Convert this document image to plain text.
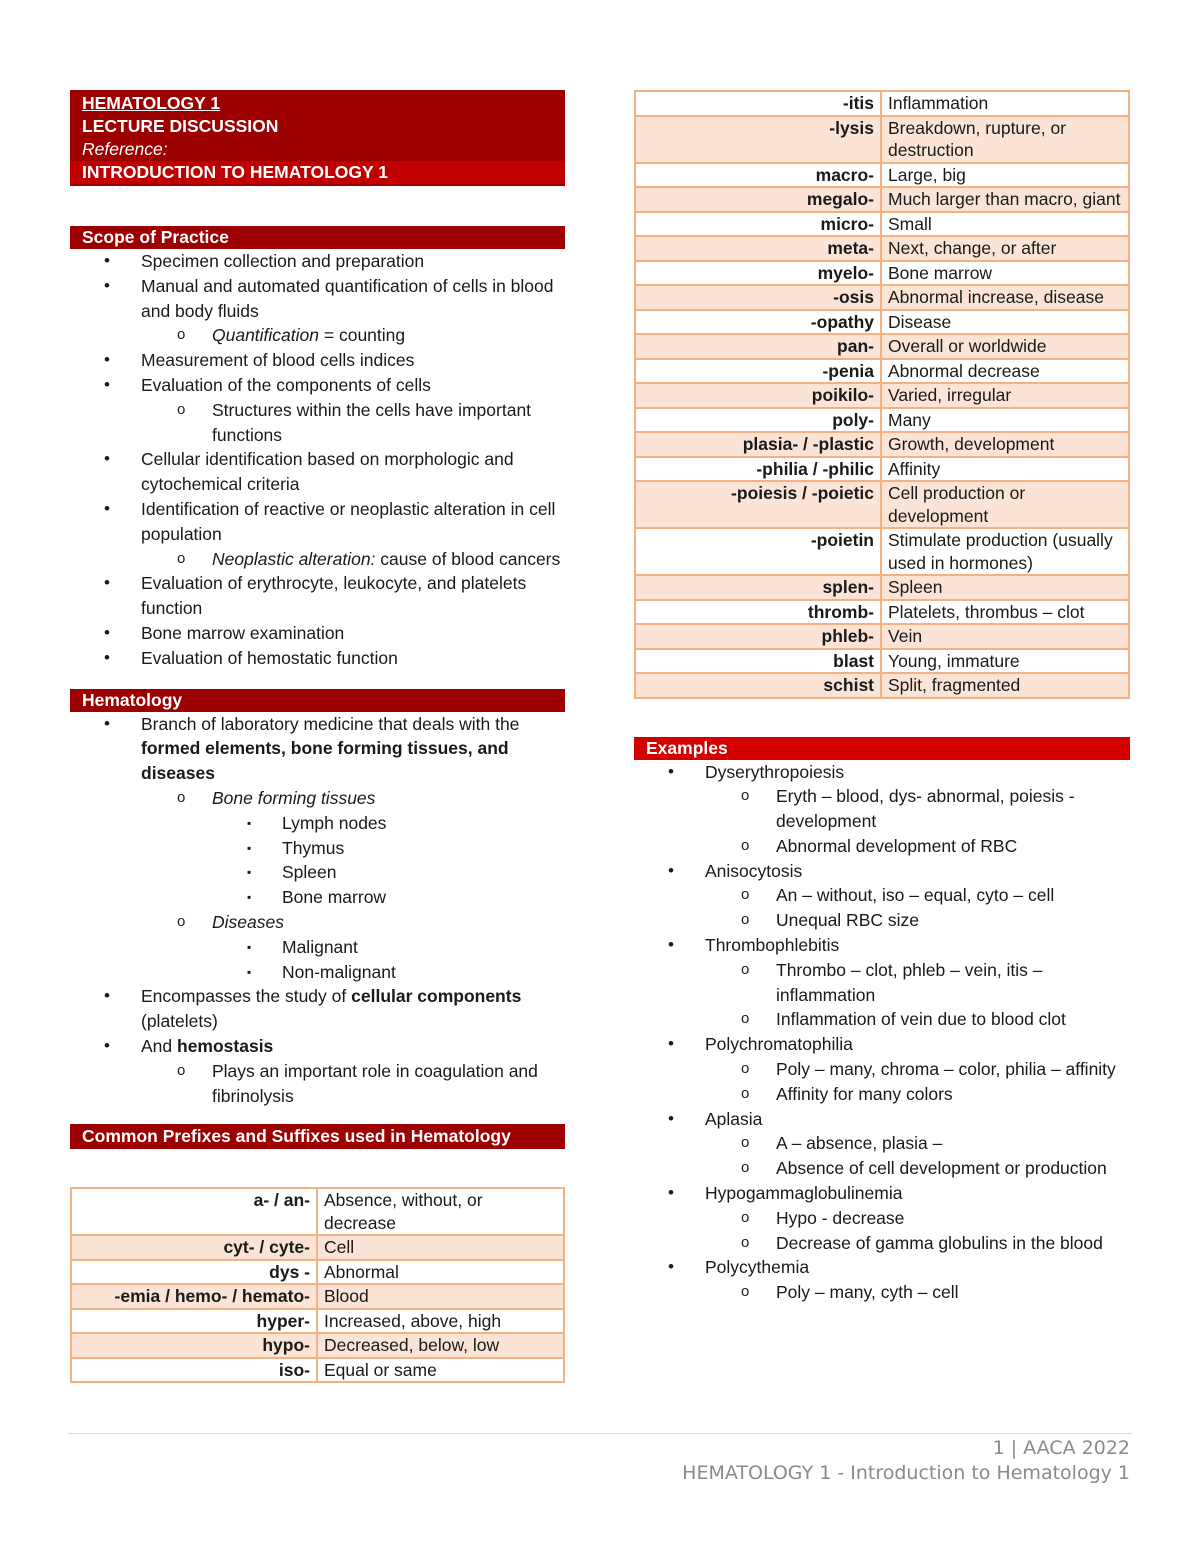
HEMATOLOGY 1
LECTURE DISCUSSION
Reference:
INTRODUCTION TO HEMATOLOGY 1
Scope of Practice
• Specimen collection and preparation
• Manual and automated quantification of cells in blood and body fluids
o Quantification = counting
• Measurement of blood cells indices
• Evaluation of the components of cells
o Structures within the cells have important functions
• Cellular identification based on morphologic and cytochemical criteria
• Identification of reactive or neoplastic alteration in cell population
o Neoplastic alteration: cause of blood cancers
• Evaluation of erythrocyte, leukocyte, and platelets function
• Bone marrow examination
• Evaluation of hemostatic function
Hematology
• Branch of laboratory medicine that deals with the formed elements, bone forming tissues, and diseases
o Bone forming tissues
▪ Lymph nodes
▪ Thymus
▪ Spleen
▪ Bone marrow
o Diseases
▪ Malignant
▪ Non-malignant
• Encompasses the study of cellular components (platelets)
• And hemostasis
o Plays an important role in coagulation and fibrinolysis
Common Prefixes and Suffixes used in Hematology
a- / an-	Absence, without, or decrease
cyt- / cyte-	Cell
dys -	Abnormal
-emia / hemo- / hemato-	Blood
hyper-	Increased, above, high
hypo-	Decreased, below, low
iso-	Equal or same
-itis	Inflammation
-lysis	Breakdown, rupture, or destruction
macro-	Large, big
megalo-	Much larger than macro, giant
micro-	Small
meta-	Next, change, or after
myelo-	Bone marrow
-osis	Abnormal increase, disease
-opathy	Disease
pan-	Overall or worldwide
-penia	Abnormal decrease
poikilo-	Varied, irregular
poly-	Many
plasia- / -plastic	Growth, development
-philia / -philic	Affinity
-poiesis / -poietic	Cell production or development
-poietin	Stimulate production (usually used in hormones)
splen-	Spleen
thromb-	Platelets, thrombus – clot
phleb-	Vein
blast	Young, immature
schist	Split, fragmented
Examples
• Dyserythropoiesis
o Eryth – blood, dys- abnormal, poiesis - development
o Abnormal development of RBC
• Anisocytosis
o An – without, iso – equal, cyto – cell
o Unequal RBC size
• Thrombophlebitis
o Thrombo – clot, phleb – vein, itis – inflammation
o Inflammation of vein due to blood clot
• Polychromatophilia
o Poly – many, chroma – color, philia – affinity
o Affinity for many colors
• Aplasia
o A – absence, plasia –
o Absence of cell development or production
• Hypogammaglobulinemia
o Hypo - decrease
o Decrease of gamma globulins in the blood
• Polycythemia
o Poly – many, cyth – cell
1 | AACA 2022
HEMATOLOGY 1 - Introduction to Hematology 1
